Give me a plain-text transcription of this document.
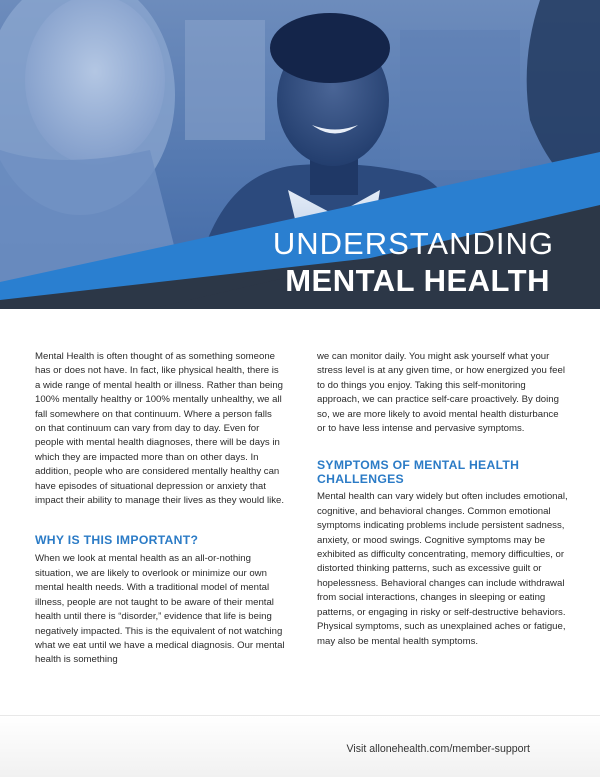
UNDERSTANDING
MENTAL HEALTH

Mental Health is often thought of as something someone has or does not have. In fact, like physical health, there is a wide range of mental health or illness. Rather than being 100% mentally healthy or 100% mentally unhealthy, we all fall somewhere on that continuum. Where a person falls on that continuum can vary from day to day. Even for people with mental health diagnoses, there will be days in which they are impacted more than on other days. In addition, people who are considered mentally healthy can have episodes of situational depression or anxiety that impact their ability to manage their lives as they would like.

WHY IS THIS IMPORTANT?

When we look at mental health as an all-or-nothing situation, we are likely to overlook or minimize our own mental health needs. With a traditional model of mental illness, people are not taught to be aware of their mental health until there is “disorder,” evidence that life is being negatively impacted. This is the equivalent of not watching what we eat until we have a medical diagnosis. Our mental health is something

we can monitor daily. You might ask yourself what your stress level is at any given time, or how energized you feel to do things you enjoy. Taking this self-monitoring approach, we can practice self-care proactively. By doing so, we are more likely to avoid mental health disturbance or to have less intense and pervasive symptoms.

SYMPTOMS OF MENTAL HEALTH CHALLENGES

Mental health can vary widely but often includes emotional, cognitive, and behavioral changes. Common emotional symptoms indicating problems include persistent sadness, anxiety, or mood swings. Cognitive symptoms may be exhibited as difficulty concentrating, memory difficulties, or distorted thinking patterns, such as excessive guilt or hopelessness. Behavioral changes can include withdrawal from social interactions, changes in sleeping or eating patterns, or engaging in risky or self-destructive behaviors. Physical symptoms, such as unexplained aches or fatigue, may also be mental health symptoms.

Visit allonehealth.com/member-support
